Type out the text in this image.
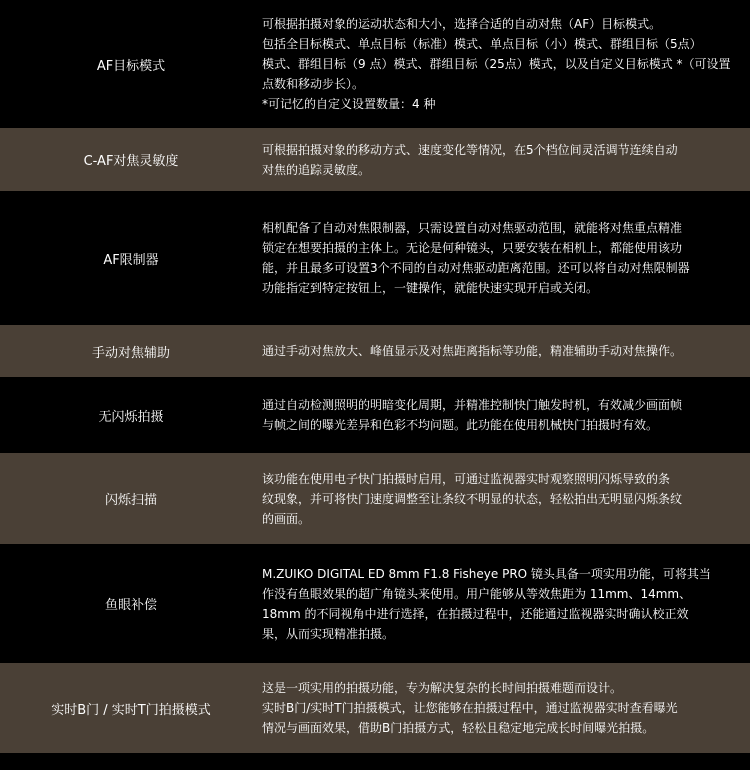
AF目标模式
可根据拍摄对象的运动状态和大小，选择合适的自动对焦（AF）目标模式。
包括全目标模式、单点目标（标准）模式、单点目标（小）模式、群组目标（5点）
模式、群组目标（9 点）模式、群组目标（25点）模式，以及自定义目标模式 *（可设置
点数和移动步长）。
*可记忆的自定义设置数量：4 种
C-AF对焦灵敏度
可根据拍摄对象的移动方式、速度变化等情况，在5个档位间灵活调节连续自动
对焦的追踪灵敏度。
AF限制器
相机配备了自动对焦限制器，只需设置自动对焦驱动范围，就能将对焦重点精准
锁定在想要拍摄的主体上。无论是何种镜头，只要安装在相机上，都能使用该功
能，并且最多可设置3个不同的自动对焦驱动距离范围。还可以将自动对焦限制器
功能指定到特定按钮上，一键操作，就能快速实现开启或关闭。
手动对焦辅助	通过手动对焦放大、峰值显示及对焦距离指标等功能，精准辅助手动对焦操作。
无闪烁拍摄
通过自动检测照明的明暗变化周期，并精准控制快门触发时机，有效减少画面帧
与帧之间的曝光差异和色彩不均问题。此功能在使用机械快门拍摄时有效。
闪烁扫描
该功能在使用电子快门拍摄时启用，可通过监视器实时观察照明闪烁导致的条
纹现象，并可将快门速度调整至让条纹不明显的状态，轻松拍出无明显闪烁条纹
的画面。
鱼眼补偿
M.ZUIKO DIGITAL ED 8mm F1.8 Fisheye PRO 镜头具备一项实用功能，可将其当
作没有鱼眼效果的超广角镜头来使用。用户能够从等效焦距为 11mm、14mm、
18mm 的不同视角中进行选择，在拍摄过程中，还能通过监视器实时确认校正效
果，从而实现精准拍摄。
实时B门 / 实时T门拍摄模式
这是一项实用的拍摄功能，专为解决复杂的长时间拍摄难题而设计。
实时B门/实时T门拍摄模式，让您能够在拍摄过程中，通过监视器实时查看曝光
情况与画面效果，借助B门拍摄方式，轻松且稳定地完成长时间曝光拍摄。
